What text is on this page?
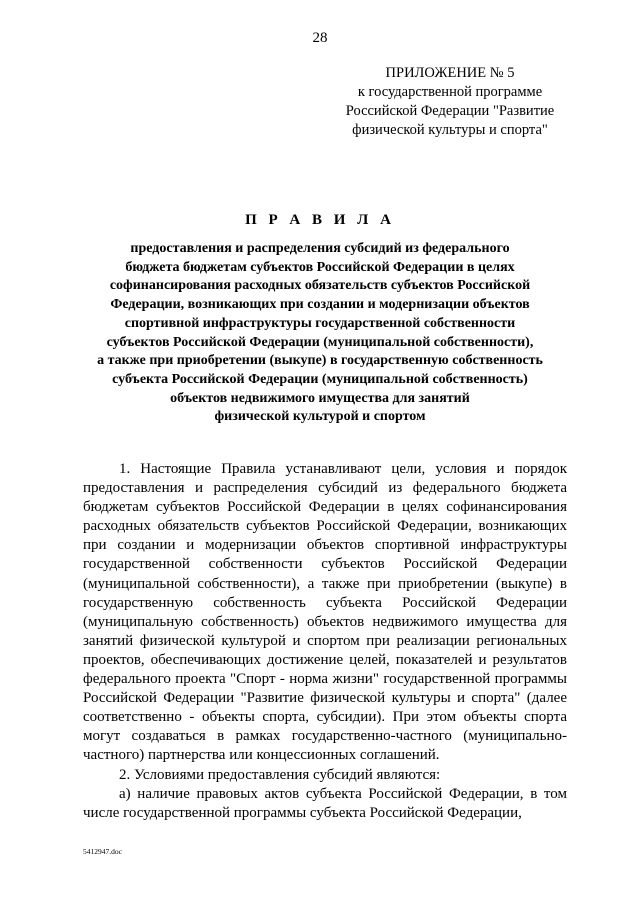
28
ПРИЛОЖЕНИЕ № 5
к государственной программе
Российской Федерации "Развитие
физической культуры и спорта"
П Р А В И Л А
предоставления и распределения субсидий из федерального
бюджета бюджетам субъектов Российской Федерации в целях
софинансирования расходных обязательств субъектов Российской
Федерации, возникающих при создании и модернизации объектов
спортивной инфраструктуры государственной собственности
субъектов Российской Федерации (муниципальной собственности),
а также при приобретении (выкупе) в государственную собственность
субъекта Российской Федерации (муниципальной собственность)
объектов недвижимого имущества для занятий
физической культурой и спортом

1. Настоящие Правила устанавливают цели, условия и порядок предоставления и распределения субсидий из федерального бюджета бюджетам субъектов Российской Федерации в целях софинансирования расходных обязательств субъектов Российской Федерации, возникающих при создании и модернизации объектов спортивной инфраструктуры государственной собственности субъектов Российской Федерации (муниципальной собственности), а также при приобретении (выкупе) в государственную собственность субъекта Российской Федерации (муниципальную собственность) объектов недвижимого имущества для занятий физической культурой и спортом при реализации региональных проектов, обеспечивающих достижение целей, показателей и результатов федерального проекта "Спорт - норма жизни" государственной программы Российской Федерации "Развитие физической культуры и спорта" (далее соответственно - объекты спорта, субсидии). При этом объекты спорта могут создаваться в рамках государственно-частного (муниципально-частного) партнерства или концессионных соглашений.

2. Условиями предоставления субсидий являются:

а) наличие правовых актов субъекта Российской Федерации, в том числе государственной программы субъекта Российской Федерации,

5412947.doc
